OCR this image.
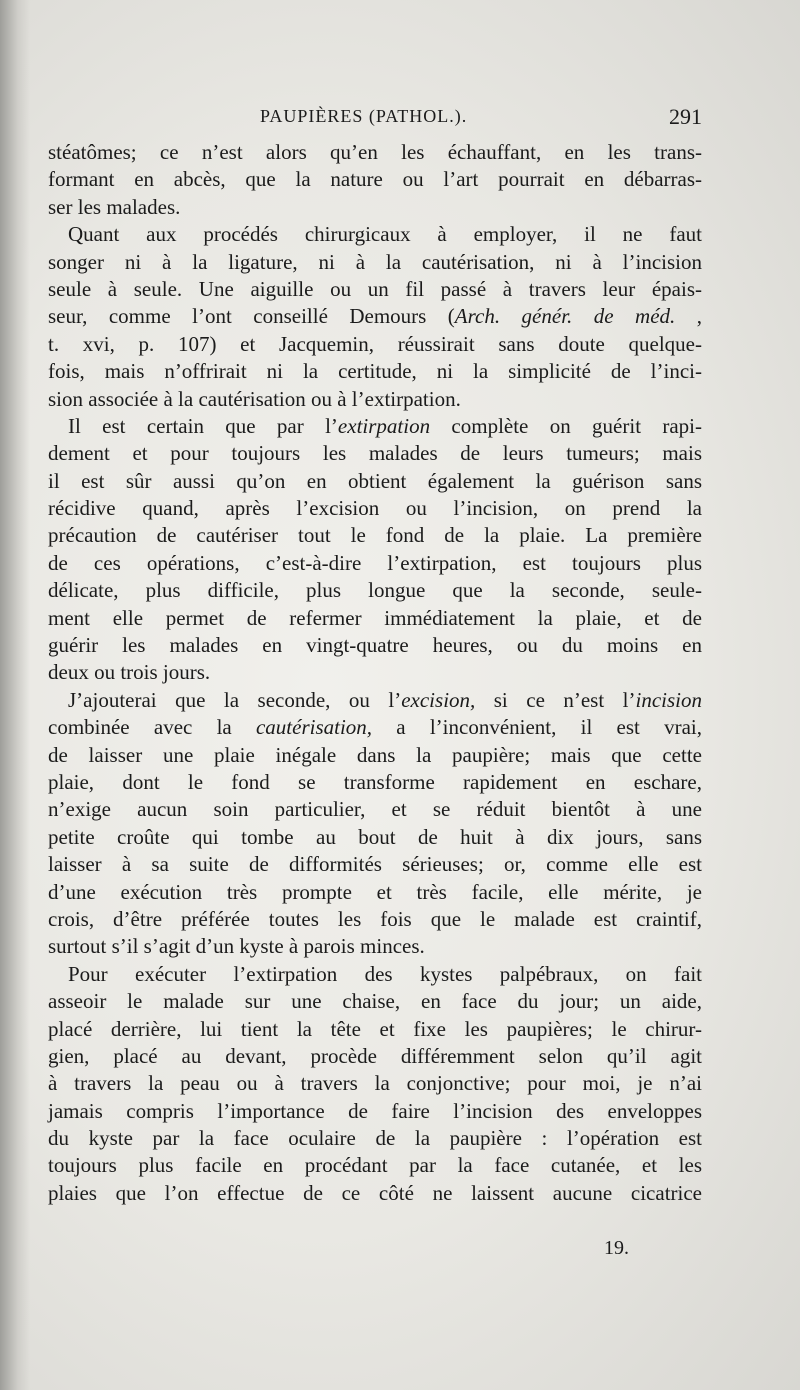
PAUPIÈRES (PATHOL.).	291
stéatômes; ce n’est alors qu’en les échauffant, en les trans-
formant en abcès, que la nature ou l’art pourrait en débarras-
ser les malades.
Quant aux procédés chirurgicaux à employer, il ne faut
songer ni à la ligature, ni à la cautérisation, ni à l’incision
seule à seule. Une aiguille ou un fil passé à travers leur épais-
seur, comme l’ont conseillé Demours (Arch. génér. de méd. ,
t. xvi, p. 107) et Jacquemin, réussirait sans doute quelque-
fois, mais n’offrirait ni la certitude, ni la simplicité de l’inci-
sion associée à la cautérisation ou à l’extirpation.
Il est certain que par l’extirpation complète on guérit rapi-
dement et pour toujours les malades de leurs tumeurs; mais
il est sûr aussi qu’on en obtient également la guérison sans
récidive quand, après l’excision ou l’incision, on prend la
précaution de cautériser tout le fond de la plaie. La première
de ces opérations, c’est-à-dire l’extirpation, est toujours plus
délicate, plus difficile, plus longue que la seconde, seule-
ment elle permet de refermer immédiatement la plaie, et de
guérir les malades en vingt-quatre heures, ou du moins en
deux ou trois jours.
J’ajouterai que la seconde, ou l’excision, si ce n’est l’incision
combinée avec la cautérisation, a l’inconvénient, il est vrai,
de laisser une plaie inégale dans la paupière; mais que cette
plaie, dont le fond se transforme rapidement en eschare,
n’exige aucun soin particulier, et se réduit bientôt à une
petite croûte qui tombe au bout de huit à dix jours, sans
laisser à sa suite de difformités sérieuses; or, comme elle est
d’une exécution très prompte et très facile, elle mérite, je
crois, d’être préférée toutes les fois que le malade est craintif,
surtout s’il s’agit d’un kyste à parois minces.
Pour exécuter l’extirpation des kystes palpébraux, on fait
asseoir le malade sur une chaise, en face du jour; un aide,
placé derrière, lui tient la tête et fixe les paupières; le chirur-
gien, placé au devant, procède différemment selon qu’il agit
à travers la peau ou à travers la conjonctive; pour moi, je n’ai
jamais compris l’importance de faire l’incision des enveloppes
du kyste par la face oculaire de la paupière : l’opération est
toujours plus facile en procédant par la face cutanée, et les
plaies que l’on effectue de ce côté ne laissent aucune cicatrice
19.
